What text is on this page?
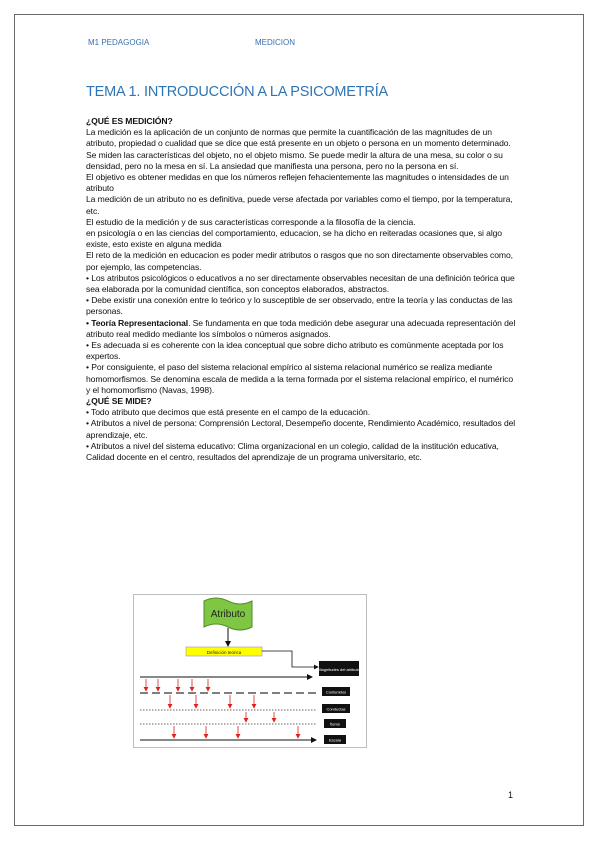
M1 PEDAGOGIA	MEDICION
TEMA 1. INTRODUCCIÓN A LA PSICOMETRÍA

¿QUÉ ES MEDICIÓN?

La medición es la aplicación de un conjunto de normas que permite la cuantificación de las magnitudes de un atributo, propiedad o cualidad que se dice que está presente en un objeto o persona en un momento determinado.

Se miden las características del objeto, no el objeto mismo. Se puede medir la altura de una mesa, su color o su densidad, pero no la mesa en sí. La ansiedad que manifiesta una persona, pero no la persona en sí.

El objetivo es obtener medidas en que los números reflejen fehacientemente las magnitudes o intensidades de un atributo

La medición de un atributo no es definitiva, puede verse afectada por variables como el tiempo, por la temperatura, etc.

El estudio de la medición y de sus características corresponde a la filosofía de la ciencia.

en psicología o en las ciencias del comportamiento, educacion, se ha dicho en reiteradas ocasiones que, si algo existe, esto existe en alguna medida

El reto de la medición en educacion es poder medir atributos o rasgos que no son directamente observables como, por ejemplo, las competencias.

• Los atributos psicológicos o educativos a no ser directamente observables necesitan de una definición teórica que sea elaborada por la comunidad científica, son conceptos elaborados, abstractos.

• Debe existir una conexión entre lo teórico y lo susceptible de ser observado, entre la teoría y las conductas de las personas.

• Teoría Representacional. Se fundamenta en que toda medición debe asegurar una adecuada representación del atributo real medido mediante los símbolos o números asignados.

• Es adecuada si es coherente con la idea conceptual que sobre dicho atributo es comúnmente aceptada por los expertos.

• Por consiguiente, el paso del sistema relacional empírico al sistema relacional numérico se realiza mediante homomorfismos. Se denomina escala de medida a la terna formada por el sistema relacional empírico, el numérico y el homomorfismo (Navas, 1998).

¿QUÉ SE MIDE?

• Todo atributo que decimos que está presente en el campo de la educación.

• Atributos a nivel de persona: Comprensión Lectoral, Desempeño docente, Rendimiento Académico, resultados del aprendizaje, etc.

• Atributos a nivel del sistema educativo: Clima organizacional en un colegio, calidad de la institución educativa, Calidad docente en el centro, resultados del aprendizaje de un programa universitario, etc.

Atributo
Definición teórica
Magnitudes del atributo
Contenidos
Conductas
Ítems
Escala
1
